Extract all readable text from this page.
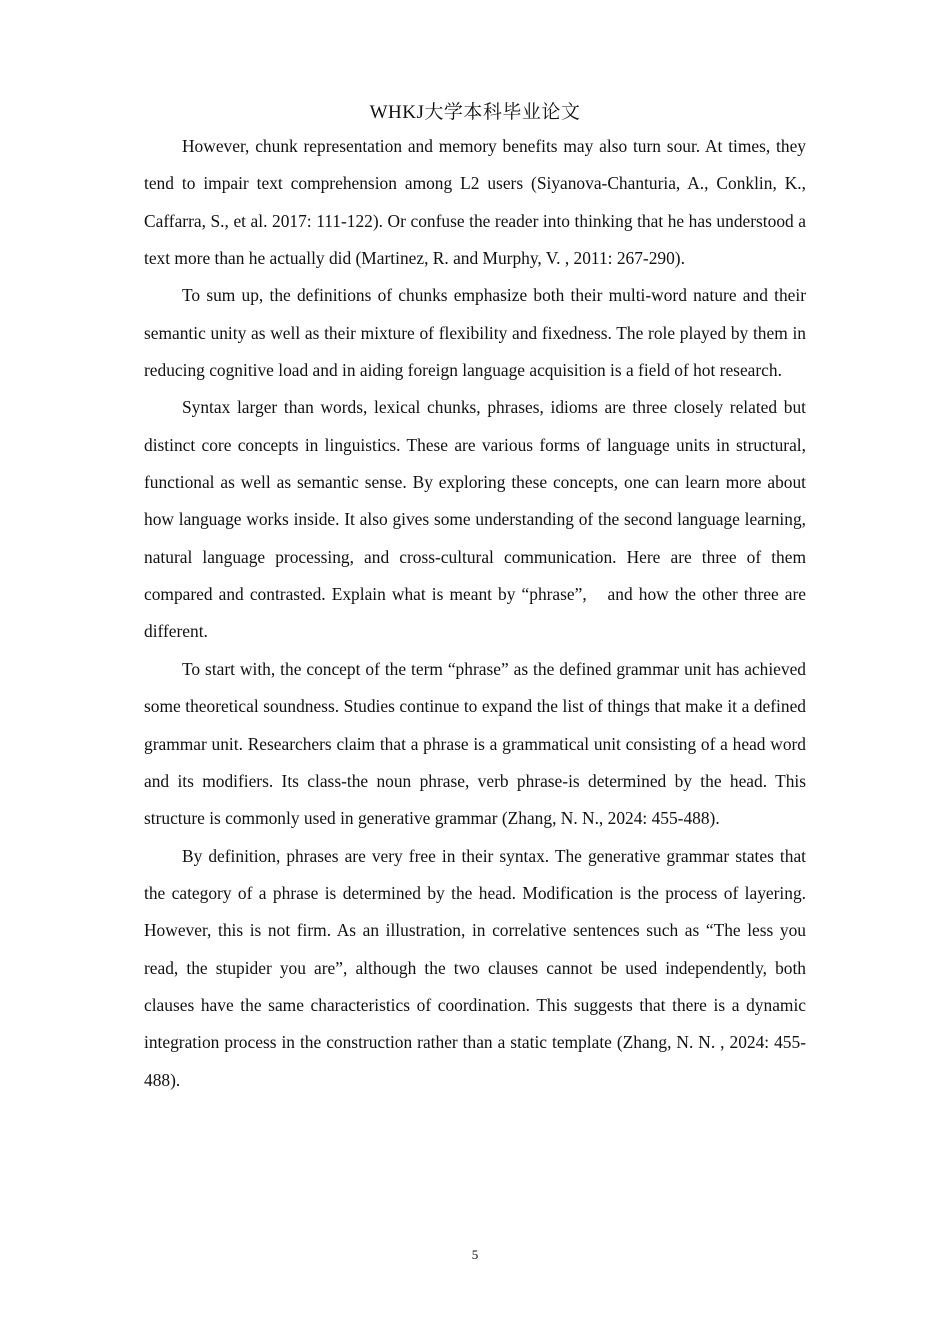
WHKJ大学本科毕业论文

However, chunk representation and memory benefits may also turn sour. At times, they tend to impair text comprehension among L2 users (Siyanova-Chanturia, A., Conklin, K., Caffarra, S., et al. 2017: 111-122). Or confuse the reader into thinking that he has understood a text more than he actually did (Martinez, R. and Murphy, V. , 2011: 267-290).

To sum up, the definitions of chunks emphasize both their multi-word nature and their semantic unity as well as their mixture of flexibility and fixedness. The role played by them in reducing cognitive load and in aiding foreign language acquisition is a field of hot research.

Syntax larger than words, lexical chunks, phrases, idioms are three closely related but distinct core concepts in linguistics. These are various forms of language units in structural, functional as well as semantic sense. By exploring these concepts, one can learn more about how language works inside. It also gives some understanding of the second language learning, natural language processing, and cross-cultural communication. Here are three of them compared and contrasted. Explain what is meant by “phrase”,　and how the other three are different.

To start with, the concept of the term “phrase” as the defined grammar unit has achieved some theoretical soundness. Studies continue to expand the list of things that make it a defined grammar unit. Researchers claim that a phrase is a grammatical unit consisting of a head word and its modifiers. Its class-the noun phrase, verb phrase-is determined by the head. This structure is commonly used in generative grammar (Zhang, N. N., 2024: 455-488).

By definition, phrases are very free in their syntax. The generative grammar states that the category of a phrase is determined by the head. Modification is the process of layering. However, this is not firm. As an illustration, in correlative sentences such as “The less you read, the stupider you are”, although the two clauses cannot be used independently, both clauses have the same characteristics of coordination. This suggests that there is a dynamic integration process in the construction rather than a static template (Zhang, N. N. , 2024: 455-488).

5
